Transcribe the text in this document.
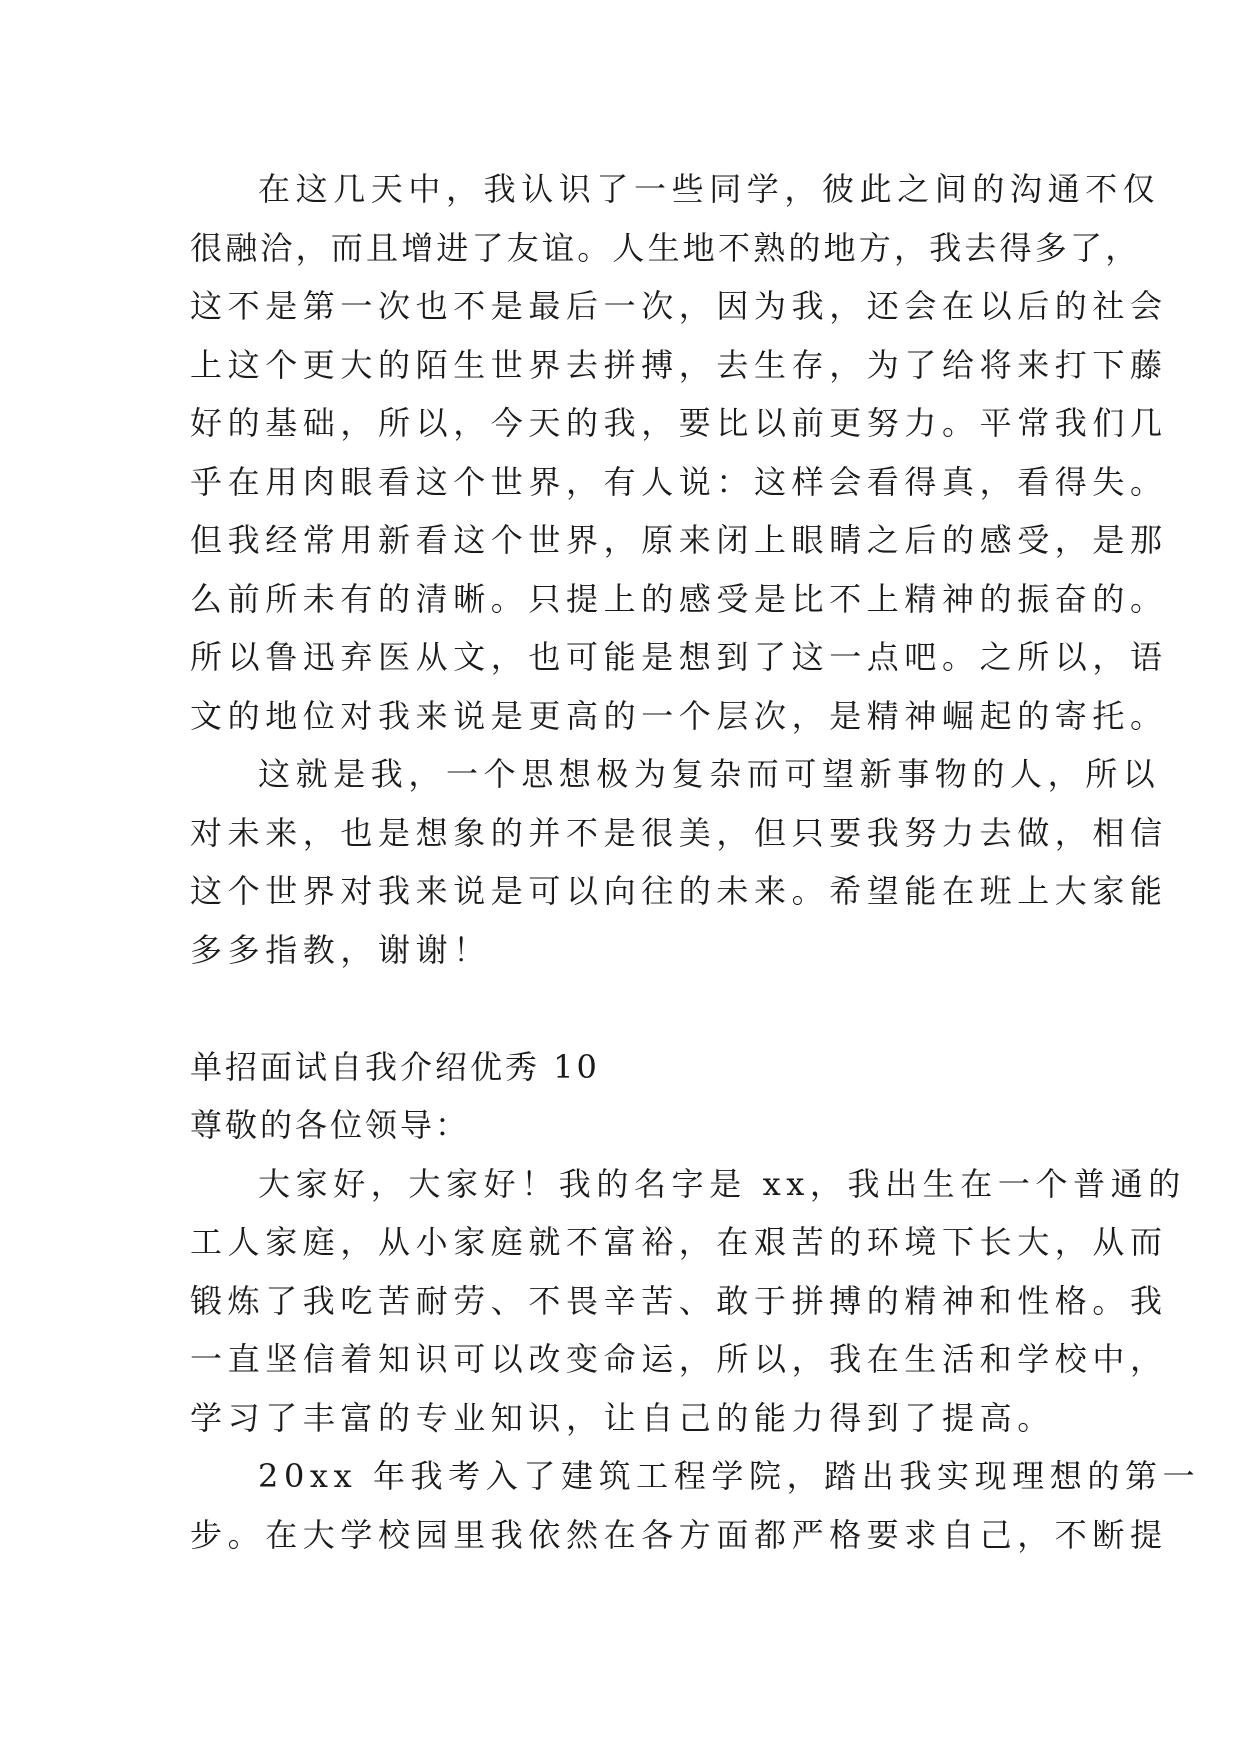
在这几天中，我认识了一些同学，彼此之间的沟通不仅
很融洽，而且增进了友谊。人生地不熟的地方，我去得多了，
这不是第一次也不是最后一次，因为我，还会在以后的社会
上这个更大的陌生世界去拼搏，去生存，为了给将来打下藤
好的基础，所以，今天的我，要比以前更努力。平常我们几
乎在用肉眼看这个世界，有人说：这样会看得真，看得失。
但我经常用新看这个世界，原来闭上眼睛之后的感受，是那
么前所未有的清晰。只提上的感受是比不上精神的振奋的。
所以鲁迅弃医从文，也可能是想到了这一点吧。之所以，语
文的地位对我来说是更高的一个层次，是精神崛起的寄托。
这就是我，一个思想极为复杂而可望新事物的人，所以
对未来，也是想象的并不是很美，但只要我努力去做，相信
这个世界对我来说是可以向往的未来。希望能在班上大家能
多多指教，谢谢！
单招面试自我介绍优秀 10
尊敬的各位领导：
大家好，大家好！我的名字是 xx，我出生在一个普通的
工人家庭，从小家庭就不富裕，在艰苦的环境下长大，从而
锻炼了我吃苦耐劳、不畏辛苦、敢于拼搏的精神和性格。我
一直坚信着知识可以改变命运，所以，我在生活和学校中，
学习了丰富的专业知识，让自己的能力得到了提高。
20xx 年我考入了建筑工程学院，踏出我实现理想的第一
步。在大学校园里我依然在各方面都严格要求自己，不断提
